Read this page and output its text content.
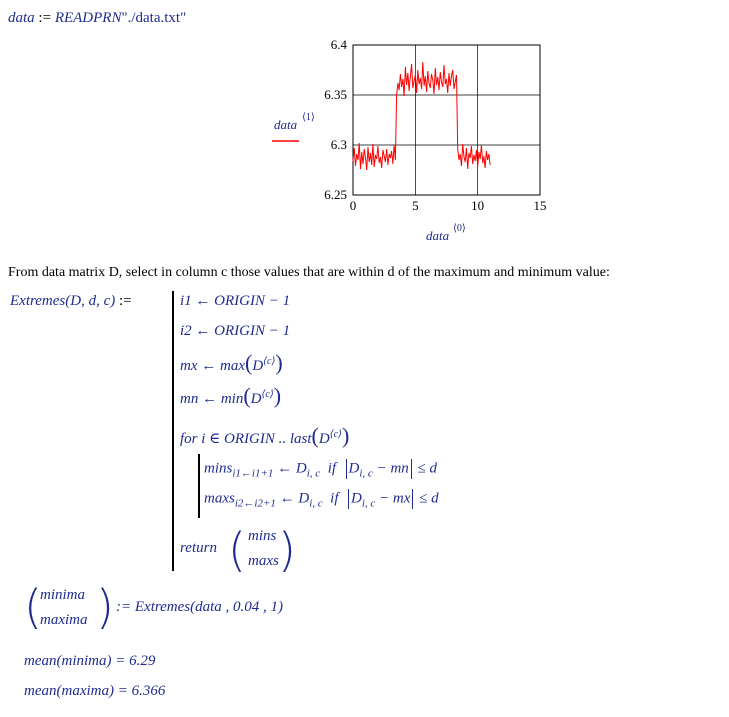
data := READPRN"./data.txt"
6.25
6.3
6.35
6.4
0	5	10	15
data ⟨1⟩
data ⟨0⟩
From data matrix D, select in column c those values that are within d of the maximum and minimum value:
Extremes(D, d, c) :=	i1 ← ORIGIN − 1
i2 ← ORIGIN − 1
mx ← $\max(D^{⟨c⟩})$
mn ← $\min(D^{⟨c⟩})$
for i ∈ ORIGIN .. $last(D^{⟨c⟩})$
mins$_{i1\leftarrow i1+1}$ ← $D_{i, c}$ if $D_{i, c}$ − mn ≤ d
maxs$_{i2\leftarrow i2+1}$ ← $D_{i, c}$ if $D_{i, c}$ − mx ≤ d
return ( mins
maxs )
(
minima
maxima ) := Extremes(data , 0.04 , 1)
mean(minima) = 6.29
mean(maxima) = 6.366
